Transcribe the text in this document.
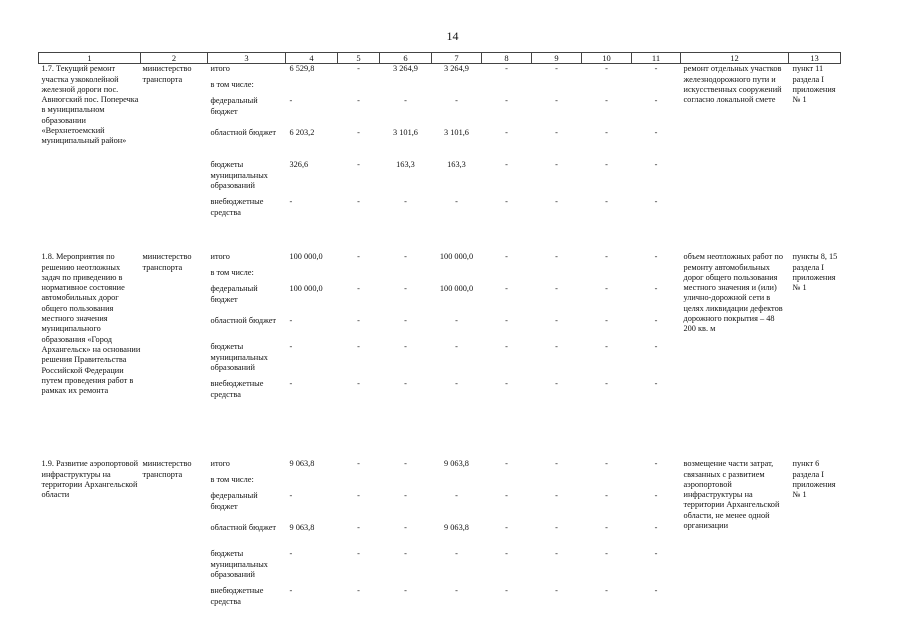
14
1	2	3	4	5	6	7	8	9	10	11	12	13
1.7. Текущий ремонт участка узкоколейной железной дороги пос. Авнюгский пос. Поперечка в муниципальном образовании «Верхнетоемский муниципальный район»	министерство транспорта	итого	6 529,8	-	3 264,9	3 264,9	-	-	-	-	ремонт отдельных участков железнодорожного пути и искусственных сооружений согласно локальной смете	пункт 11 раздела I приложения № 1
		в том числе:										
		федеральный бюджет	-	-	-	-	-	-	-	-		
		областной бюджет	6 203,2	-	3 101,6	3 101,6	-	-	-	-		
		бюджеты муниципальных образований	326,6	-	163,3	163,3	-	-	-	-		
		внебюджетные средства	-	-	-	-	-	-	-	-		

1.8. Мероприятия по решению неотложных задач по приведению в нормативное состояние автомобильных дорог общего пользования местного значения муниципального образования «Город Архангельск» на основании решения Правительства Российской Федерации путем проведения работ в рамках их ремонта	министерство транспорта	итого	100 000,0	-	-	100 000,0	-	-	-	-	объем неотложных работ по ремонту автомобильных дорог общего пользования местного значения и (или) улично-дорожной сети в целях ликвидации дефектов дорожного покрытия – 48 200 кв. м	пункты 8, 15 раздела I приложения № 1
		в том числе:										
		федеральный бюджет	100 000,0	-	-	100 000,0	-	-	-	-		
		областной бюджет	-	-	-	-	-	-	-	-		
		бюджеты муниципальных образований	-	-	-	-	-	-	-	-		
		внебюджетные средства	-	-	-	-	-	-	-	-		

1.9. Развитие аэропортовой инфраструктуры на территории Архангельской области	министерство транспорта	итого	9 063,8	-	-	9 063,8	-	-	-	-	возмещение части затрат, связанных с развитием аэропортовой инфраструктуры на территории Архангельской области, не менее одной организации	пункт 6 раздела I приложения № 1
		в том числе:										
		федеральный бюджет	-	-	-	-	-	-	-	-		
		областной бюджет	9 063,8	-	-	9 063,8	-	-	-	-		
		бюджеты муниципальных образований	-	-	-	-	-	-	-	-		
		внебюджетные средства	-	-	-	-	-	-	-	-		
